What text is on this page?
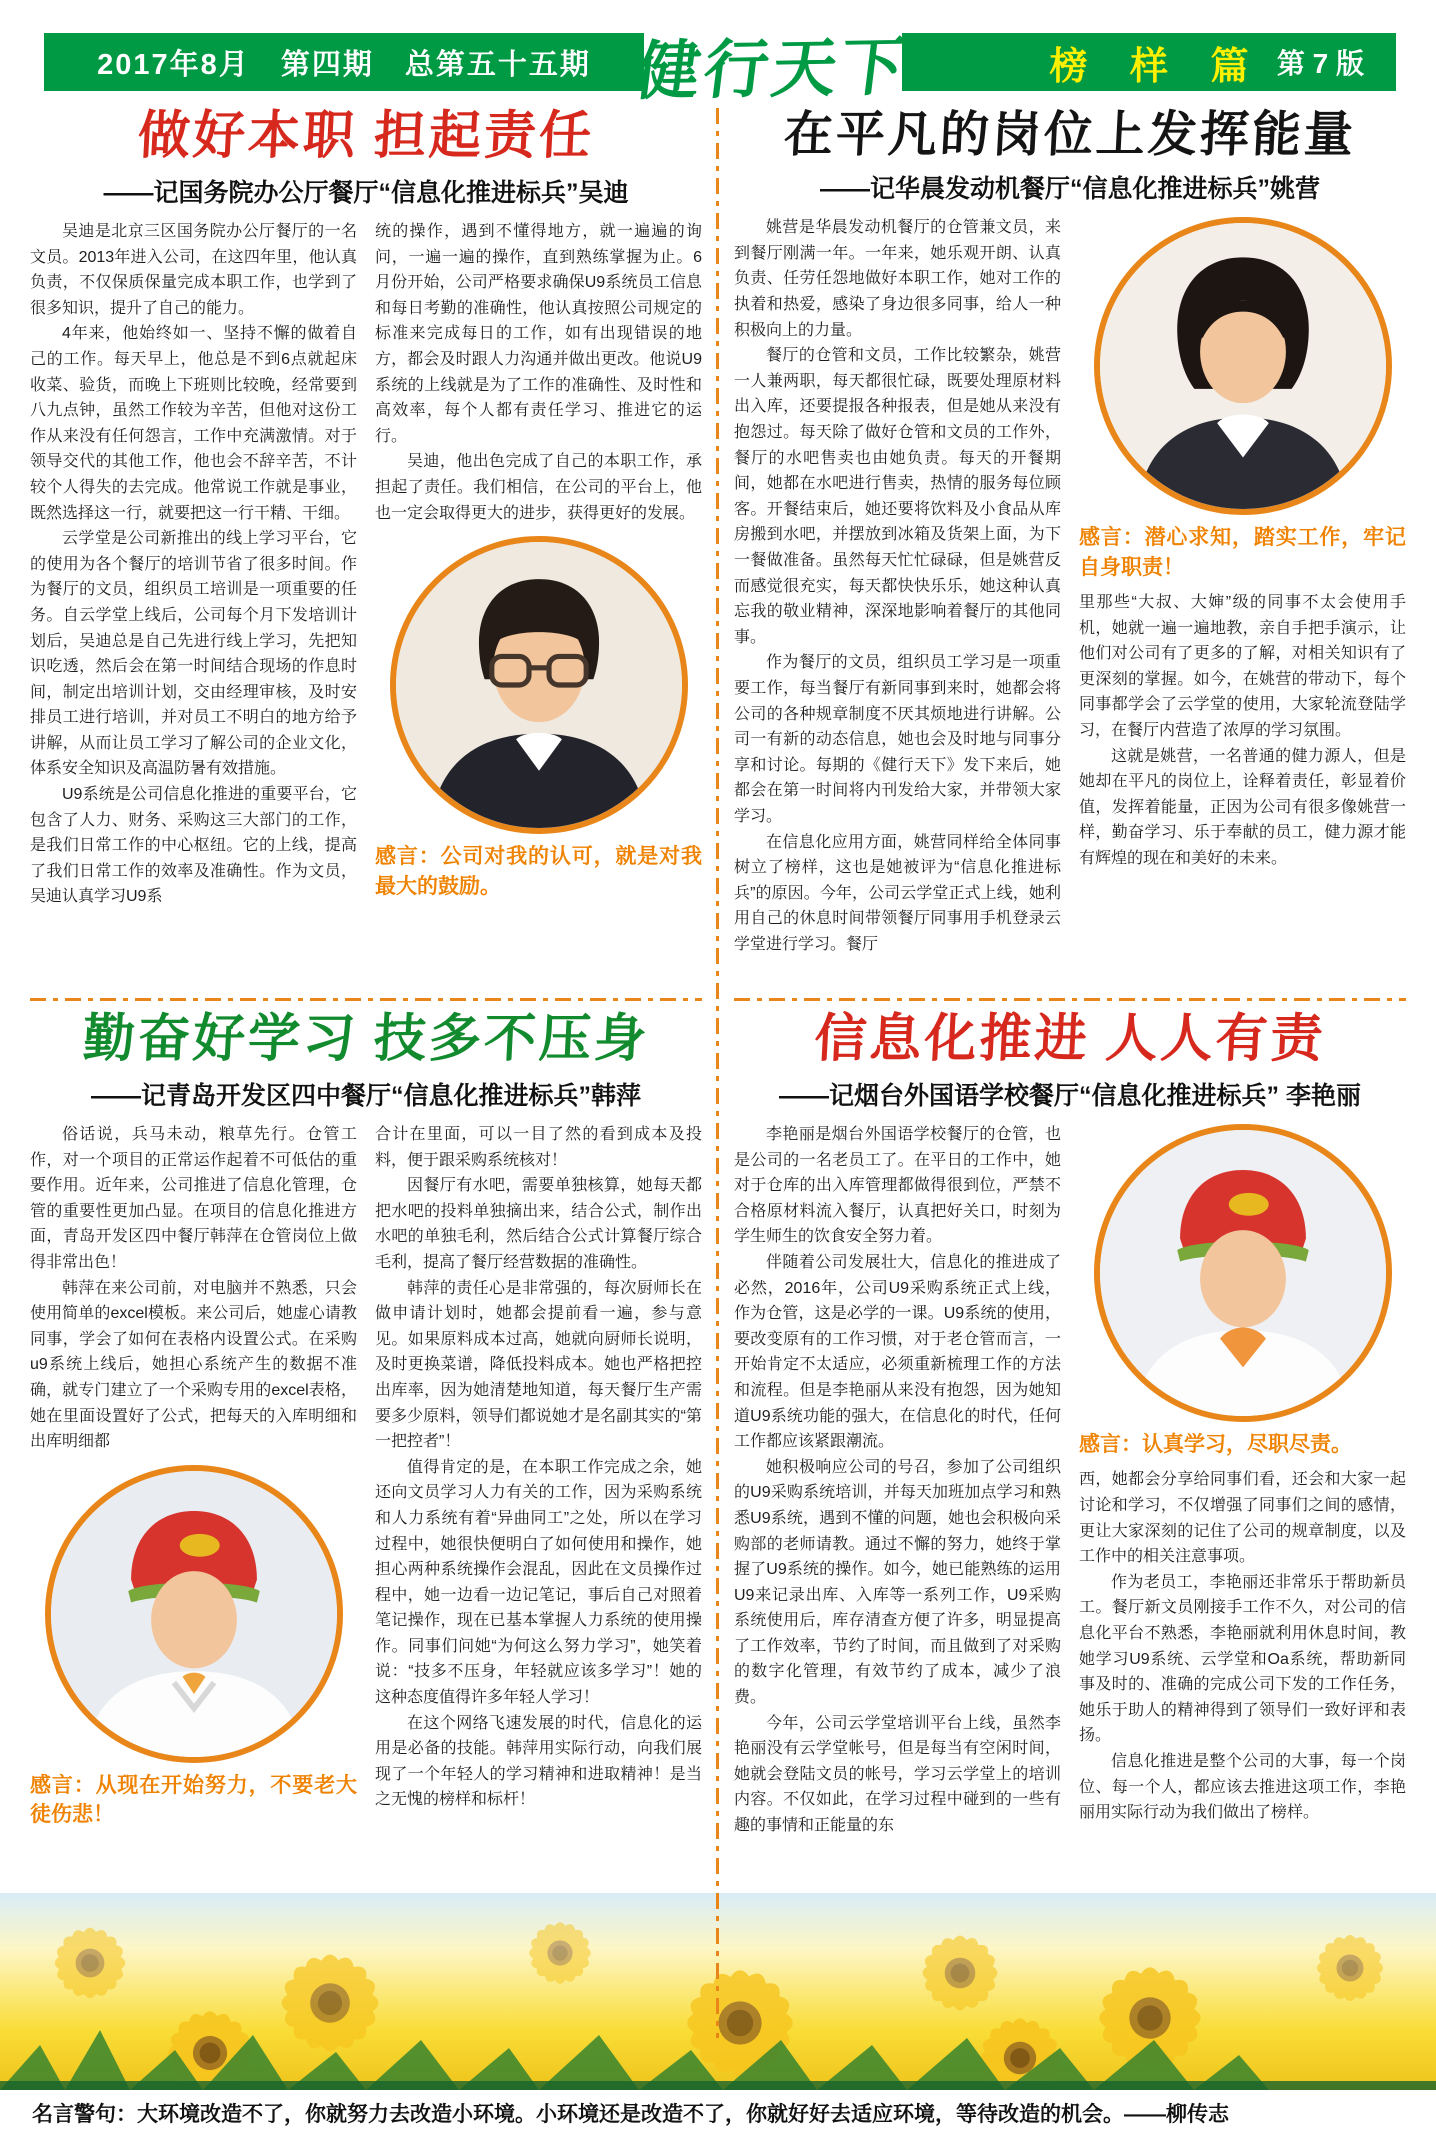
2017年8月　第四期　总第五十五期	榜 样 篇 第 7 版
健行天下
做好本职 担起责任
——记国务院办公厅餐厅“信息化推进标兵”吴迪

吴迪是北京三区国务院办公厅餐厅的一名文员。2013年进入公司，在这四年里，他认真负责，不仅保质保量完成本职工作，也学到了很多知识，提升了自己的能力。

4年来，他始终如一、坚持不懈的做着自己的工作。每天早上，他总是不到6点就起床收菜、验货，而晚上下班则比较晚，经常要到八九点钟，虽然工作较为辛苦，但他对这份工作从来没有任何怨言，工作中充满激情。对于领导交代的其他工作，他也会不辞辛苦，不计较个人得失的去完成。他常说工作就是事业，既然选择这一行，就要把这一行干精、干细。

云学堂是公司新推出的线上学习平台，它的使用为各个餐厅的培训节省了很多时间。作为餐厅的文员，组织员工培训是一项重要的任务。自云学堂上线后，公司每个月下发培训计划后，吴迪总是自己先进行线上学习，先把知识吃透，然后会在第一时间结合现场的作息时间，制定出培训计划，交由经理审核，及时安排员工进行培训，并对员工不明白的地方给予讲解，从而让员工学习了解公司的企业文化，体系安全知识及高温防暑有效措施。

U9系统是公司信息化推进的重要平台，它包含了人力、财务、采购这三大部门的工作，是我们日常工作的中心枢纽。它的上线，提高了我们日常工作的效率及准确性。作为文员，吴迪认真学习U9系

统的操作，遇到不懂得地方，就一遍遍的询问，一遍一遍的操作，直到熟练掌握为止。6月份开始，公司严格要求确保U9系统员工信息和每日考勤的准确性，他认真按照公司规定的标准来完成每日的工作，如有出现错误的地方，都会及时跟人力沟通并做出更改。他说U9系统的上线就是为了工作的准确性、及时性和高效率，每个人都有责任学习、推进它的运行。

吴迪，他出色完成了自己的本职工作，承担起了责任。我们相信，在公司的平台上，他也一定会取得更大的进步，获得更好的发展。

感言：公司对我的认可，就是对我最大的鼓励。

勤奋好学习 技多不压身
——记青岛开发区四中餐厅“信息化推进标兵”韩萍

俗话说，兵马未动，粮草先行。仓管工作，对一个项目的正常运作起着不可低估的重要作用。近年来，公司推进了信息化管理，仓管的重要性更加凸显。在项目的信息化推进方面，青岛开发区四中餐厅韩萍在仓管岗位上做得非常出色！

韩萍在来公司前，对电脑并不熟悉，只会使用简单的excel模板。来公司后，她虚心请教同事，学会了如何在表格内设置公式。在采购u9系统上线后，她担心系统产生的数据不准确，就专门建立了一个采购专用的excel表格，她在里面设置好了公式，把每天的入库明细和出库明细都

感言：从现在开始努力，不要老大徒伤悲！

合计在里面，可以一目了然的看到成本及投料，便于跟采购系统核对！

因餐厅有水吧，需要单独核算，她每天都把水吧的投料单独摘出来，结合公式，制作出水吧的单独毛利，然后结合公式计算餐厅综合毛利，提高了餐厅经营数据的准确性。

韩萍的责任心是非常强的，每次厨师长在做申请计划时，她都会提前看一遍，参与意见。如果原料成本过高，她就向厨师长说明，及时更换菜谱，降低投料成本。她也严格把控出库率，因为她清楚地知道，每天餐厅生产需要多少原料，领导们都说她才是名副其实的“第一把控者”！

值得肯定的是，在本职工作完成之余，她还向文员学习人力有关的工作，因为采购系统和人力系统有着“异曲同工”之处，所以在学习过程中，她很快便明白了如何使用和操作，她担心两种系统操作会混乱，因此在文员操作过程中，她一边看一边记笔记，事后自己对照着笔记操作，现在已基本掌握人力系统的使用操作。同事们问她“为何这么努力学习”，她笑着说：“技多不压身，年轻就应该多学习”！她的这种态度值得许多年轻人学习！

在这个网络飞速发展的时代，信息化的运用是必备的技能。韩萍用实际行动，向我们展现了一个年轻人的学习精神和进取精神！是当之无愧的榜样和标杆！

在平凡的岗位上发挥能量
——记华晨发动机餐厅“信息化推进标兵”姚营

姚营是华晨发动机餐厅的仓管兼文员，来到餐厅刚满一年。一年来，她乐观开朗、认真负责、任劳任怨地做好本职工作，她对工作的执着和热爱，感染了身边很多同事，给人一种积极向上的力量。

餐厅的仓管和文员，工作比较繁杂，姚营一人兼两职，每天都很忙碌，既要处理原材料出入库，还要提报各种报表，但是她从来没有抱怨过。每天除了做好仓管和文员的工作外，餐厅的水吧售卖也由她负责。每天的开餐期间，她都在水吧进行售卖，热情的服务每位顾客。开餐结束后，她还要将饮料及小食品从库房搬到水吧，并摆放到冰箱及货架上面，为下一餐做准备。虽然每天忙忙碌碌，但是姚营反而感觉很充实，每天都快快乐乐，她这种认真忘我的敬业精神，深深地影响着餐厅的其他同事。

作为餐厅的文员，组织员工学习是一项重要工作，每当餐厅有新同事到来时，她都会将公司的各种规章制度不厌其烦地进行讲解。公司一有新的动态信息，她也会及时地与同事分享和讨论。每期的《健行天下》发下来后，她都会在第一时间将内刊发给大家，并带领大家学习。

在信息化应用方面，姚营同样给全体同事树立了榜样，这也是她被评为“信息化推进标兵”的原因。今年，公司云学堂正式上线，她利用自己的休息时间带领餐厅同事用手机登录云学堂进行学习。餐厅

感言：潜心求知，踏实工作，牢记自身职责！

里那些“大叔、大婶”级的同事不太会使用手机，她就一遍一遍地教，亲自手把手演示，让他们对公司有了更多的了解，对相关知识有了更深刻的掌握。如今，在姚营的带动下，每个同事都学会了云学堂的使用，大家轮流登陆学习，在餐厅内营造了浓厚的学习氛围。

这就是姚营，一名普通的健力源人，但是她却在平凡的岗位上，诠释着责任，彰显着价值，发挥着能量，正因为公司有很多像姚营一样，勤奋学习、乐于奉献的员工，健力源才能有辉煌的现在和美好的未来。

信息化推进 人人有责
——记烟台外国语学校餐厅“信息化推进标兵” 李艳丽

李艳丽是烟台外国语学校餐厅的仓管，也是公司的一名老员工了。在平日的工作中，她对于仓库的出入库管理都做得很到位，严禁不合格原材料流入餐厅，认真把好关口，时刻为学生师生的饮食安全努力着。

伴随着公司发展壮大，信息化的推进成了必然，2016年，公司U9采购系统正式上线，作为仓管，这是必学的一课。U9系统的使用，要改变原有的工作习惯，对于老仓管而言，一开始肯定不太适应，必须重新梳理工作的方法和流程。但是李艳丽从来没有抱怨，因为她知道U9系统功能的强大，在信息化的时代，任何工作都应该紧跟潮流。

她积极响应公司的号召，参加了公司组织的U9采购系统培训，并每天加班加点学习和熟悉U9系统，遇到不懂的问题，她也会积极向采购部的老师请教。通过不懈的努力，她终于掌握了U9系统的操作。如今，她已能熟练的运用U9来记录出库、入库等一系列工作，U9采购系统使用后，库存清查方便了许多，明显提高了工作效率，节约了时间，而且做到了对采购的数字化管理，有效节约了成本，减少了浪费。

今年，公司云学堂培训平台上线，虽然李艳丽没有云学堂帐号，但是每当有空闲时间，她就会登陆文员的帐号，学习云学堂上的培训内容。不仅如此，在学习过程中碰到的一些有趣的事情和正能量的东

感言：认真学习，尽职尽责。

西，她都会分享给同事们看，还会和大家一起讨论和学习，不仅增强了同事们之间的感情，更让大家深刻的记住了公司的规章制度，以及工作中的相关注意事项。

作为老员工，李艳丽还非常乐于帮助新员工。餐厅新文员刚接手工作不久，对公司的信息化平台不熟悉，李艳丽就利用休息时间，教她学习U9系统、云学堂和Oa系统，帮助新同事及时的、准确的完成公司下发的工作任务，她乐于助人的精神得到了领导们一致好评和表扬。

信息化推进是整个公司的大事，每一个岗位、每一个人，都应该去推进这项工作，李艳丽用实际行动为我们做出了榜样。

名言警句：大环境改造不了，你就努力去改造小环境。小环境还是改造不了，你就好好去适应环境，等待改造的机会。——柳传志
